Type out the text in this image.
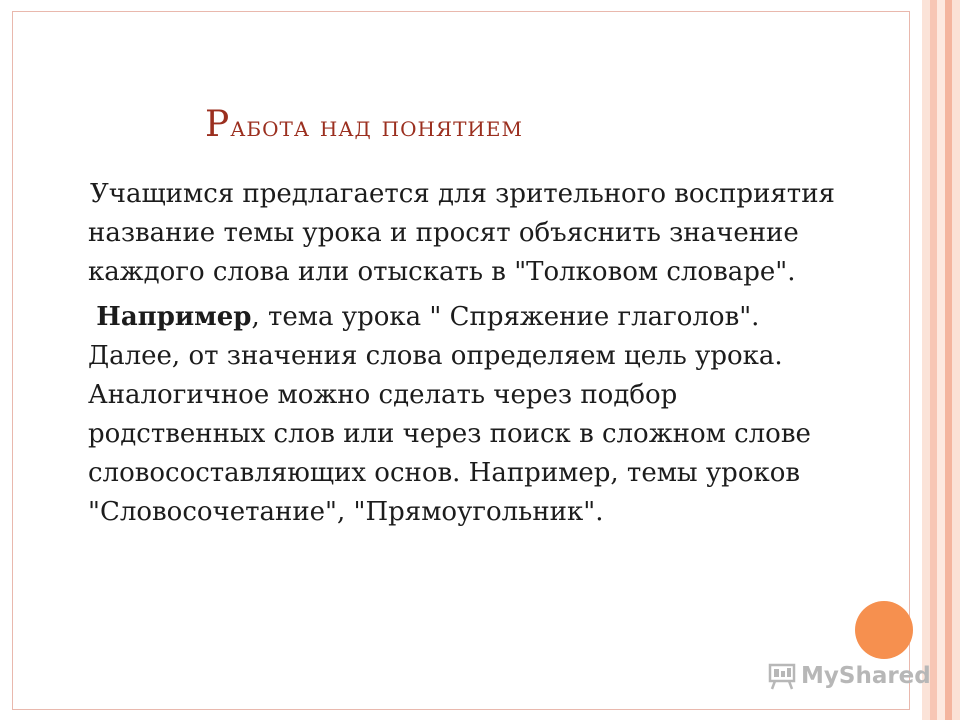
Работа над понятием

Учащимся предлагается для зрительного восприятия название темы урока и просят объяснить значение каждого слова или отыскать в "Толковом словаре".

Например, тема урока " Спряжение глаголов". Далее, от значения слова определяем цель урока. Аналогичное можно сделать через подбор родственных слов или через поиск в сложном слове словосоставляющих основ. Например, темы уроков "Словосочетание", "Прямоугольник".

MyShared
